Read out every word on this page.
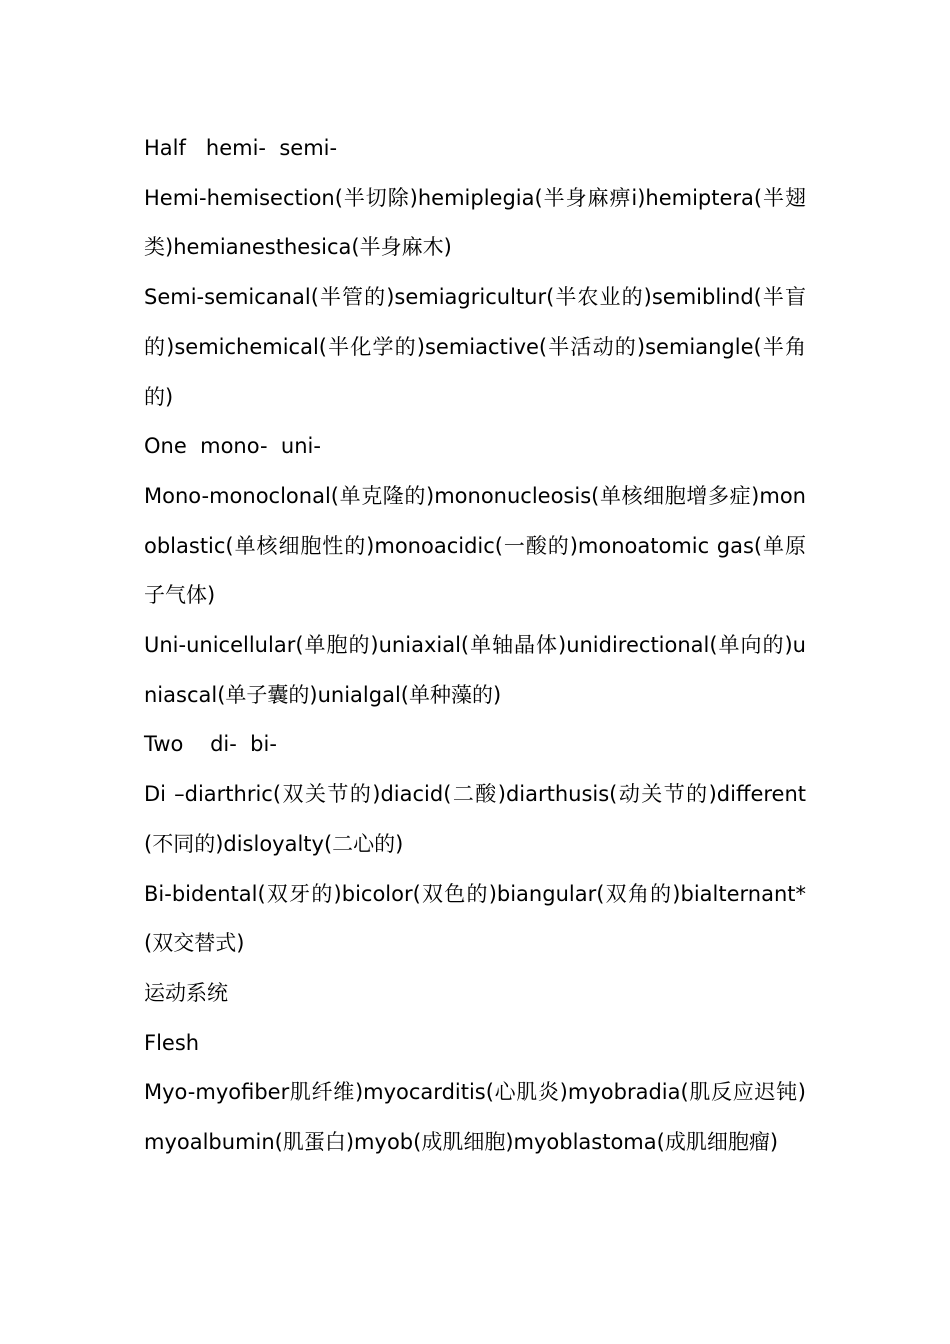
Half   hemi-  semi-

Hemi-hemisection(半切除)hemiplegia(半身麻痹i)hemiptera(半翅类)hemianesthesica(半身麻木)

Semi-semicanal(半管的)semiagricultur(半农业的)semiblind(半盲的)semichemical(半化学的)semiactive(半活动的)semiangle(半角的)

One  mono-  uni-

Mono-monoclonal(单克隆的)mononucleosis(单核细胞增多症)monoblastic(单核细胞性的)monoacidic(一酸的)monoatomic gas(单原子气体)

Uni-unicellular(单胞的)uniaxial(单轴晶体)unidirectional(单向的)uniascal(单子囊的)unialgal(单种藻的)

Two    di-  bi-

Di –diarthric(双关节的)diacid(二酸)diarthusis(动关节的)different(不同的)disloyalty(二心的)

Bi-bidental(双牙的)bicolor(双色的)biangular(双角的)bialternant*(双交替式)

运动系统

Flesh

Myo-myofiber肌纤维)myocarditis(心肌炎)myobradia(肌反应迟钝)myoalbumin(肌蛋白)myob(成肌细胞)myoblastoma(成肌细胞瘤)
